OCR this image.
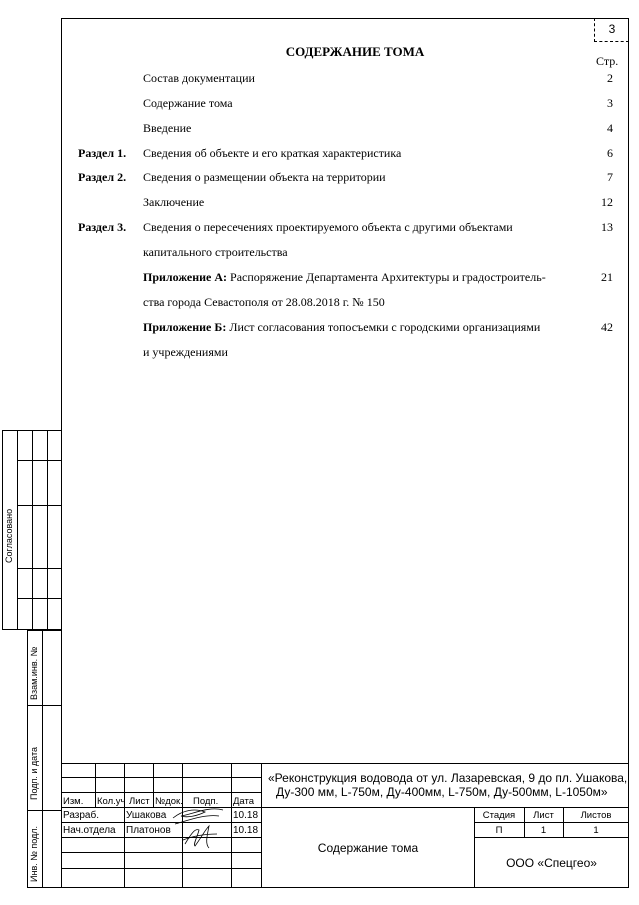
3
СОДЕРЖАНИЕ ТОМА
Стр.
Состав документации	2
Содержание тома	3
Введение	4
Раздел 1. Сведения об объекте и его краткая характеристика	6
Раздел 2. Сведения о размещении объекта на территории	7
Заключение	12
Раздел 3. Сведения о пересечениях проектируемого объекта с другими объектами
капитального строительства
13
Приложение А: Распоряжение Департамента Архитектуры и градостроитель-
ства города Севастополя от 28.08.2018 г. № 150
21
Приложение Б: Лист согласования топосъемки с городскими организациями
и учреждениями
42
Согласовано
Взам.инв. №
Подп. и дата
Инв. № подл.
«Реконструкция водовода от ул. Лазаревская, 9 до пл. Ушакова,
Ду-300 мм, L-750м, Ду-400мм, L-750м, Ду-500мм, L-1050м»
Изм. Кол.уч Лист №док. Подп. Дата
Разраб.	Ушакова	10.18
Нач.отдела Платонов	10.18
Содержание тома
Стадия	Лист	Листов
П	1	1
ООО «Спецгео»
